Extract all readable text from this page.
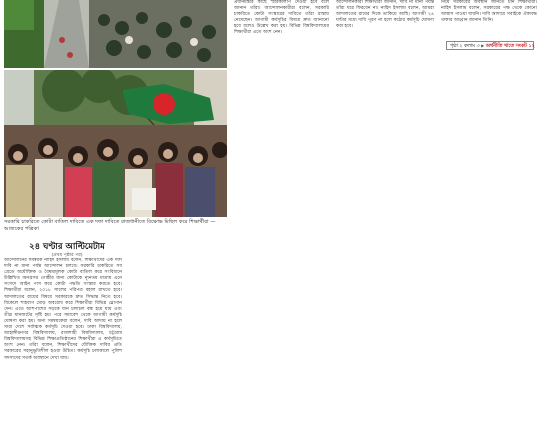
সরকারি চাকরিতে কোটা বাতিল দাবিতে এক দফা দাবিতে রাজধানীতে বিক্ষোভ মিছিল করে শিক্ষার্থীরা —আজকের পত্রিকা
২৪ ঘণ্টার আল্টিমেটাম
(প্রথম পৃষ্ঠার পর)
আন্দোলনের সমন্বয়ক নাহিদ ইসলাম বলেন, শিক্ষার্থীদের এক দফা দাবি না মানা পর্যন্ত আন্দোলন চলবে। সরকারি চাকরিতে সব গ্রেডে অযৌক্তিক ও বৈষম্যমূলক কোটা বাতিল করে সংবিধানে উল্লিখিত অনগ্রসর গোষ্ঠীর জন্য কোটাকে ন্যূনতম মাত্রায় এনে সংসদে আইন পাস করে কোটা পদ্ধতি সংস্কার করতে হবে। শিক্ষার্থীরা বলেন, ২০১৮ সালের পরিপত্র বহাল রাখতে হবে। আদালতের রায়ের বিষয়ে সরকারকে দ্রুত সিদ্ধান্ত নিতে হবে। বিকেলে শাহবাগ মোড় অবরোধ করে শিক্ষার্থীরা বিভিন্ন স্লোগান দেন। এতে আশপাশের সড়কে যান চলাচল বন্ধ হয়ে যায় এবং তীব্র যানজটের সৃষ্টি হয়। পরে সমাবেশ থেকে আগামী কর্মসূচি ঘোষণা করা হয়। অন্য সমন্বয়কেরা বলেন, দাবি আদায় না হলে সারা দেশে সর্বাত্মক কর্মসূচি দেওয়া হবে। ঢাকা বিশ্ববিদ্যালয়, জাহাঙ্গীরনগর বিশ্ববিদ্যালয়, রাজশাহী বিশ্ববিদ্যালয়, চট্টগ্রাম বিশ্ববিদ্যালয়সহ বিভিন্ন শিক্ষাপ্রতিষ্ঠানের শিক্ষার্থীরা এ কর্মসূচিতে অংশ নেন। তাঁরা বলেন, শিক্ষার্থীদের যৌক্তিক দাবির প্রতি সরকারের সহানুভূতিশীল হওয়া উচিত। কর্মসূচি চলাকালে পুলিশ সদস্যদের সতর্ক অবস্থানে দেখা যায়।
প্রধানমন্ত্রীর কাছে স্মারকলিপি দেওয়া হবে বলে জানান তাঁরা। আন্দোলনকারীরা বলেন, সরকারি চাকরিতে কোটা সংস্কারের দাবিতে তাঁরা রাস্তায় নেমেছেন। আগামী কর্মসূচির বিষয়ে দ্রুত জানানো হবে বলেও উল্লেখ করা হয়। বিভিন্ন বিশ্ববিদ্যালয়ের শিক্ষার্থীরা এতে অংশ নেন।
আন্দোলনকারী শিক্ষার্থীরা জানান, দাবি না মানা পর্যন্ত তাঁরা ঘরে ফিরবেন না। নাহিদ ইসলাম বলেন, আমরা আদালতের রায়ের দিকে তাকিয়ে আছি। আগামী ২৪ ঘণ্টার মধ্যে দাবি পূরণ না হলে কঠোর কর্মসূচি ঘোষণা করা হবে।
নিয়ে সরকারের অবস্থান জানতে চান শিক্ষার্থীরা। নাহিদ ইসলাম বলেন, সরকারের পক্ষ থেকে কোনো আশ্বাস পাওয়া যায়নি। দাবি আদায়ে সবাইকে ঐক্যবদ্ধ থাকার আহ্বান জানান তিনি।
পৃষ্ঠা ২ কলাম ৩ ▶ অর্থনীতি খাতে সংকট ১২
